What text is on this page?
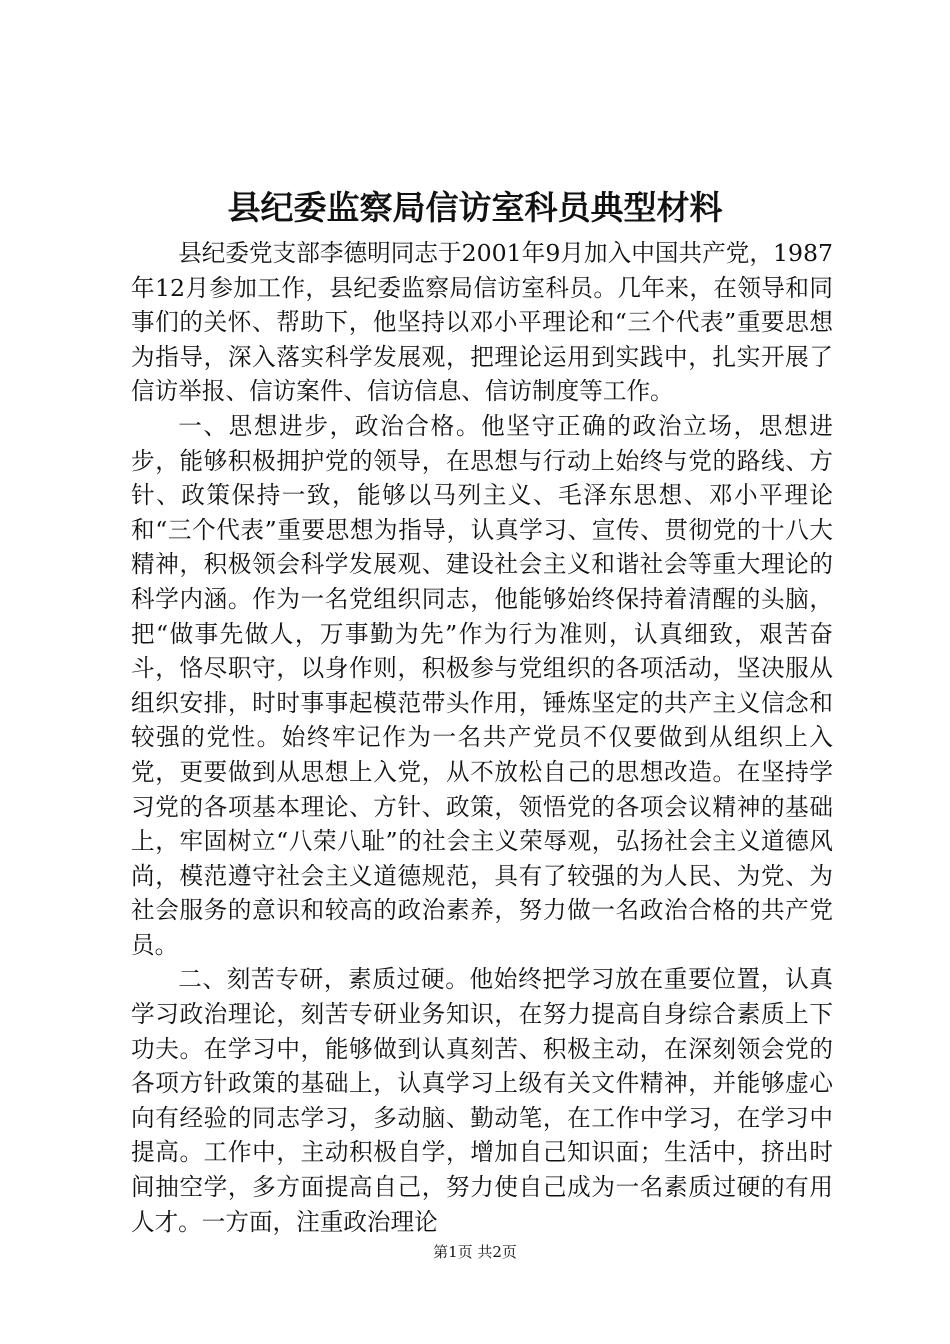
县纪委监察局信访室科员典型材料

县纪委党支部李德明同志于2001年9月加入中国共产党，1987年12月参加工作，县纪委监察局信访室科员。几年来，在领导和同事们的关怀、帮助下，他坚持以邓小平理论和“三个代表”重要思想为指导，深入落实科学发展观，把理论运用到实践中，扎实开展了信访举报、信访案件、信访信息、信访制度等工作。

一、思想进步，政治合格。他坚守正确的政治立场，思想进步，能够积极拥护党的领导，在思想与行动上始终与党的路线、方针、政策保持一致，能够以马列主义、毛泽东思想、邓小平理论和“三个代表”重要思想为指导，认真学习、宣传、贯彻党的十八大精神，积极领会科学发展观、建设社会主义和谐社会等重大理论的科学内涵。作为一名党组织同志，他能够始终保持着清醒的头脑，把“做事先做人，万事勤为先”作为行为准则，认真细致，艰苦奋斗，恪尽职守，以身作则，积极参与党组织的各项活动，坚决服从组织安排，时时事事起模范带头作用，锤炼坚定的共产主义信念和较强的党性。始终牢记作为一名共产党员不仅要做到从组织上入党，更要做到从思想上入党，从不放松自己的思想改造。在坚持学习党的各项基本理论、方针、政策，领悟党的各项会议精神的基础上，牢固树立“八荣八耻”的社会主义荣辱观，弘扬社会主义道德风尚，模范遵守社会主义道德规范，具有了较强的为人民、为党、为社会服务的意识和较高的政治素养，努力做一名政治合格的共产党员。

二、刻苦专研，素质过硬。他始终把学习放在重要位置，认真学习政治理论，刻苦专研业务知识，在努力提高自身综合素质上下功夫。在学习中，能够做到认真刻苦、积极主动，在深刻领会党的各项方针政策的基础上，认真学习上级有关文件精神，并能够虚心向有经验的同志学习，多动脑、勤动笔，在工作中学习，在学习中提高。工作中，主动积极自学，增加自己知识面；生活中，挤出时间抽空学，多方面提高自己，努力使自己成为一名素质过硬的有用人才。一方面，注重政治理论

第1页 共2页
